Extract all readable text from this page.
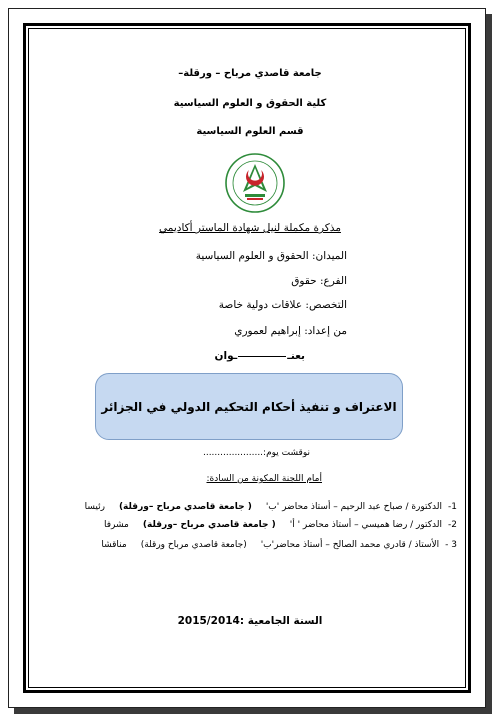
جامعة قاصدي مرباح – ورقلة–
كلية الحقوق و العلوم السياسية
قسم العلوم السياسية
مذكرة مكملة لنيل شهادة الماستر أكاديمي
الميدان: الحقوق و العلوم السياسية
الفرع: حقوق
التخصص: علاقات دولية خاصة
من إعداد: إبراهيم لعموري
بعنــوان
الاعتراف و تنفيذ أحكام التحكيم الدولي في الجزائر
نوقشت يوم:.....................
أمام اللجنة المكونة من السادة:
1-الدكتورة / صباح عبد الرحيم – أستاذ محاضر 'ب'( جامعة قاصدي مرباح –ورقلة)رئيسا
2-الدكتور / رضا هميسي – أستاذ محاضر ' أ'( جامعة قاصدي مرباح –ورقلة)مشرفا
3 -الأستاذ / قادري محمد الصالح – أستاذ محاضر'ب'(جامعة قاصدي مرباح ورقلة)مناقشا
السنة الجامعية :2015/2014
